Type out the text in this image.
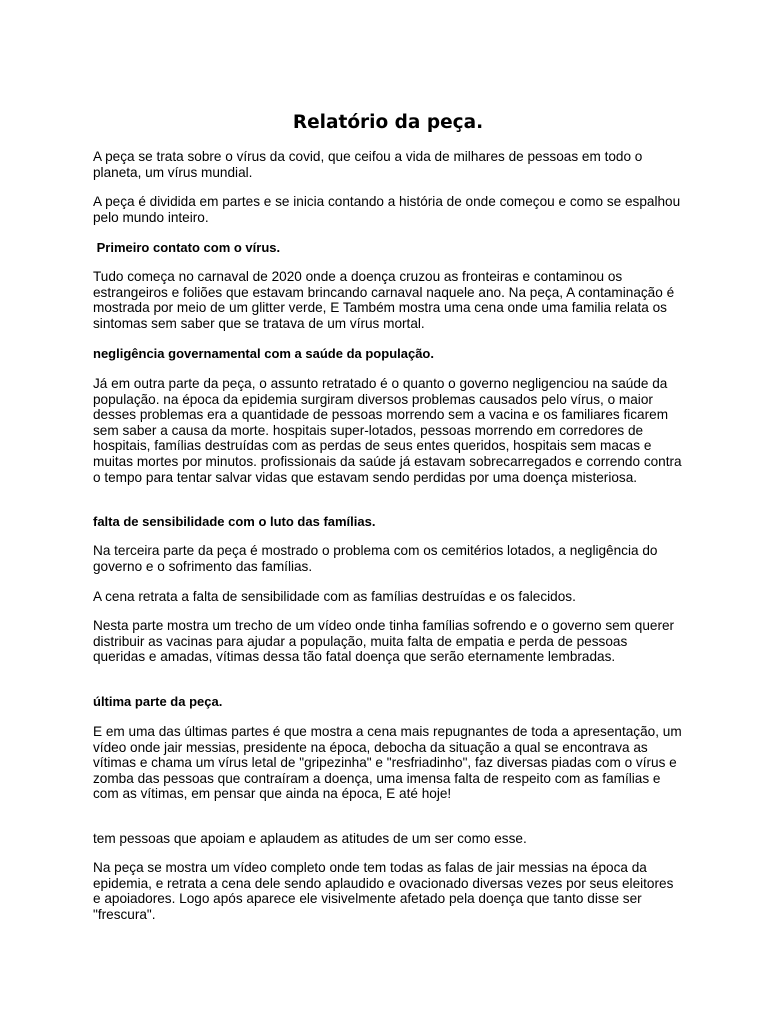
Relatório da peça.

A peça se trata sobre o vírus da covid, que ceifou a vida de milhares de pessoas em todo o planeta, um vírus mundial.

A peça é dividida em partes e se inicia contando a história de onde começou e como se espalhou pelo mundo inteiro.

Primeiro contato com o vírus.

Tudo começa no carnaval de 2020 onde a doença cruzou as fronteiras e contaminou os estrangeiros e foliões que estavam brincando carnaval naquele ano. Na peça, A contaminação é mostrada por meio de um glitter verde, E Também mostra uma cena onde uma familia relata os sintomas sem saber que se tratava de um vírus mortal.

negligência governamental com a saúde da população.

Já em outra parte da peça, o assunto retratado é o quanto o governo negligenciou na saúde da população. na época da epidemia surgiram diversos problemas causados pelo vírus, o maior desses problemas era a quantidade de pessoas morrendo sem a vacina e os familiares ficarem sem saber a causa da morte. hospitais super-lotados, pessoas morrendo em corredores de hospitais, famílias destruídas com as perdas de seus entes queridos, hospitais sem macas e muitas mortes por minutos. profissionais da saúde já estavam sobrecarregados e correndo contra o tempo para tentar salvar vidas que estavam sendo perdidas por uma doença misteriosa.

falta de sensibilidade com o luto das famílias.

Na terceira parte da peça é mostrado o problema com os cemitérios lotados, a negligência do governo e o sofrimento das famílias.

A cena retrata a falta de sensibilidade com as famílias destruídas e os falecidos.

Nesta parte mostra um trecho de um vídeo onde tinha famílias sofrendo e o governo sem querer distribuir as vacinas para ajudar a população, muita falta de empatia e perda de pessoas queridas e amadas, vítimas dessa tão fatal doença que serão eternamente lembradas.

última parte da peça.

E em uma das últimas partes é que mostra a cena mais repugnantes de toda a apresentação, um vídeo onde jair messias, presidente na época, debocha da situação a qual se encontrava as vítimas e chama um vírus letal de "gripezinha" e "resfriadinho", faz diversas piadas com o vírus e zomba das pessoas que contraíram a doença, uma imensa falta de respeito com as famílias e com as vítimas, em pensar que ainda na época, E até hoje!

tem pessoas que apoiam e aplaudem as atitudes de um ser como esse.

Na peça se mostra um vídeo completo onde tem todas as falas de jair messias na época da epidemia, e retrata a cena dele sendo aplaudido e ovacionado diversas vezes por seus eleitores e apoiadores. Logo após aparece ele visivelmente afetado pela doença que tanto disse ser "frescura".
